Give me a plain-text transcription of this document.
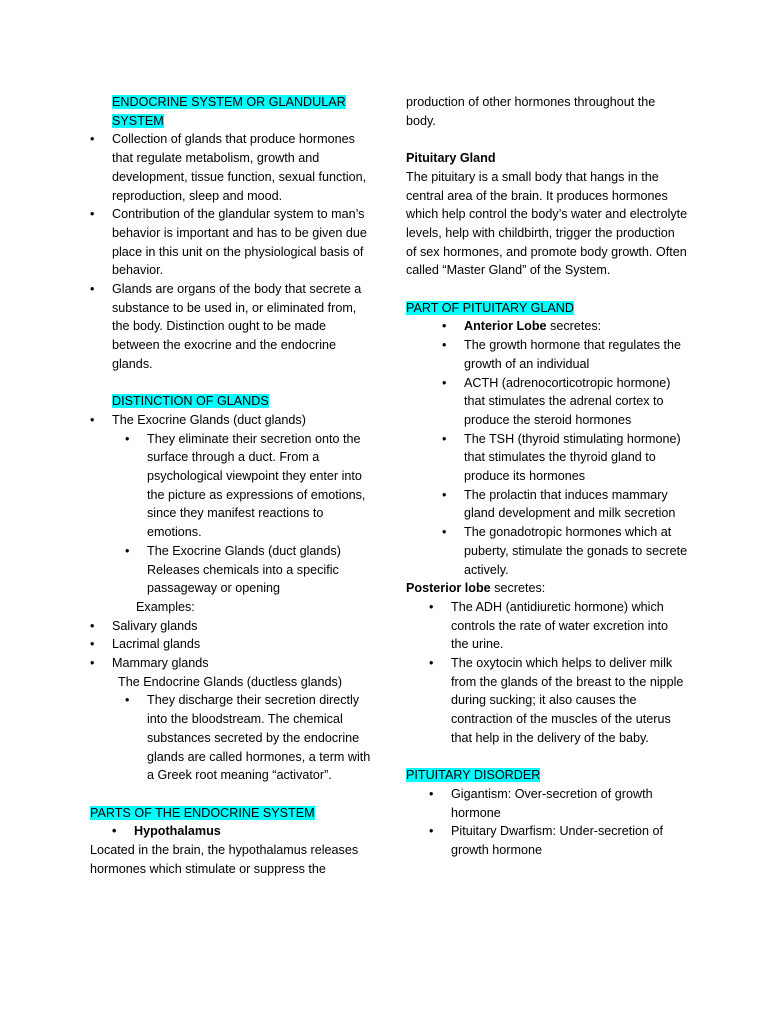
ENDOCRINE SYSTEM OR GLANDULAR SYSTEM

• Collection of glands that produce hormones that regulate metabolism, growth and development, tissue function, sexual function, reproduction, sleep and mood.

• Contribution of the glandular system to man’s behavior is important and has to be given due place in this unit on the physiological basis of behavior.

• Glands are organs of the body that secrete a substance to be used in, or eliminated from, the body. Distinction ought to be made between the exocrine and the endocrine glands.

DISTINCTION OF GLANDS

• The Exocrine Glands (duct glands)

• They eliminate their secretion onto the surface through a duct. From a psychological viewpoint they enter into the picture as expressions of emotions, since they manifest reactions to emotions.

• The Exocrine Glands (duct glands) Releases chemicals into a specific passageway or opening

Examples:

• Salivary glands

• Lacrimal glands

• Mammary glands

The Endocrine Glands (ductless glands)

• They discharge their secretion directly into the bloodstream. The chemical substances secreted by the endocrine glands are called hormones, a term with a Greek root meaning “activator”.

PARTS OF THE ENDOCRINE SYSTEM

• Hypothalamus

Located in the brain, the hypothalamus releases hormones which stimulate or suppress the

production of other hormones throughout the body.

Pituitary Gland

The pituitary is a small body that hangs in the central area of the brain. It produces hormones which help control the body’s water and electrolyte levels, help with childbirth, trigger the production of sex hormones, and promote body growth. Often called “Master Gland” of the System.

PART OF PITUITARY GLAND

• Anterior Lobe secretes:

• The growth hormone that regulates the growth of an individual

• ACTH (adrenocorticotropic hormone) that stimulates the adrenal cortex to produce the steroid hormones

• The TSH (thyroid stimulating hormone) that stimulates the thyroid gland to produce its hormones

• The prolactin that induces mammary gland development and milk secretion

• The gonadotropic hormones which at puberty, stimulate the gonads to secrete actively.

Posterior lobe secretes:

• The ADH (antidiuretic hormone) which controls the rate of water excretion into the urine.

• The oxytocin which helps to deliver milk from the glands of the breast to the nipple during sucking; it also causes the contraction of the muscles of the uterus that help in the delivery of the baby.

PITUITARY DISORDER

• Gigantism: Over-secretion of growth hormone

• Pituitary Dwarfism: Under-secretion of growth hormone
